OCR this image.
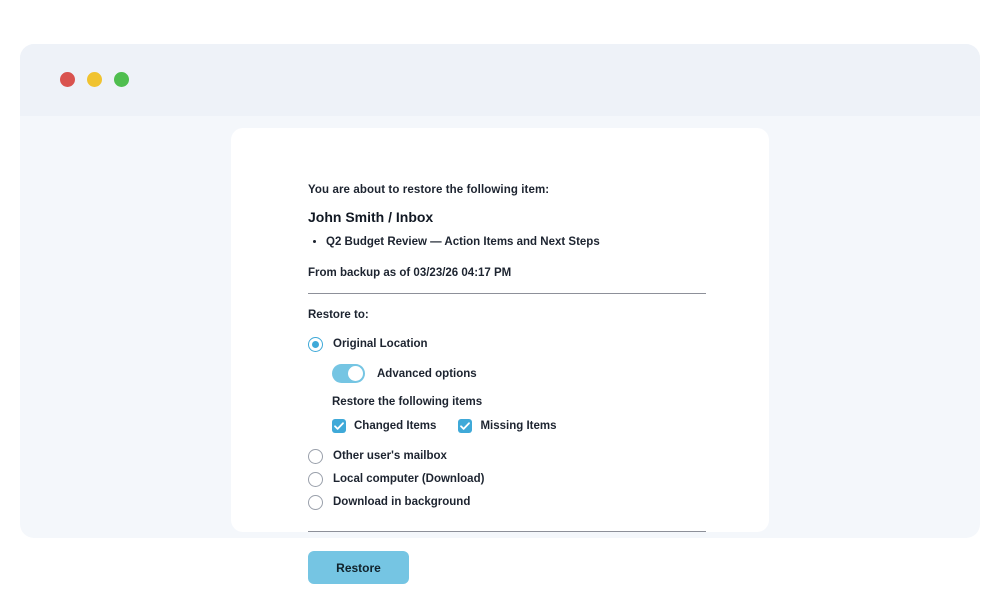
You are about to restore the following item:

John Smith / Inbox

• Q2 Budget Review — Action Items and Next Steps

From backup as of 03/23/26 04:17 PM

Restore to:

Original Location
Advanced options

Restore the following items

Changed Items	Missing Items
Other user's mailbox
Local computer (Download)
Download in background
Restore
